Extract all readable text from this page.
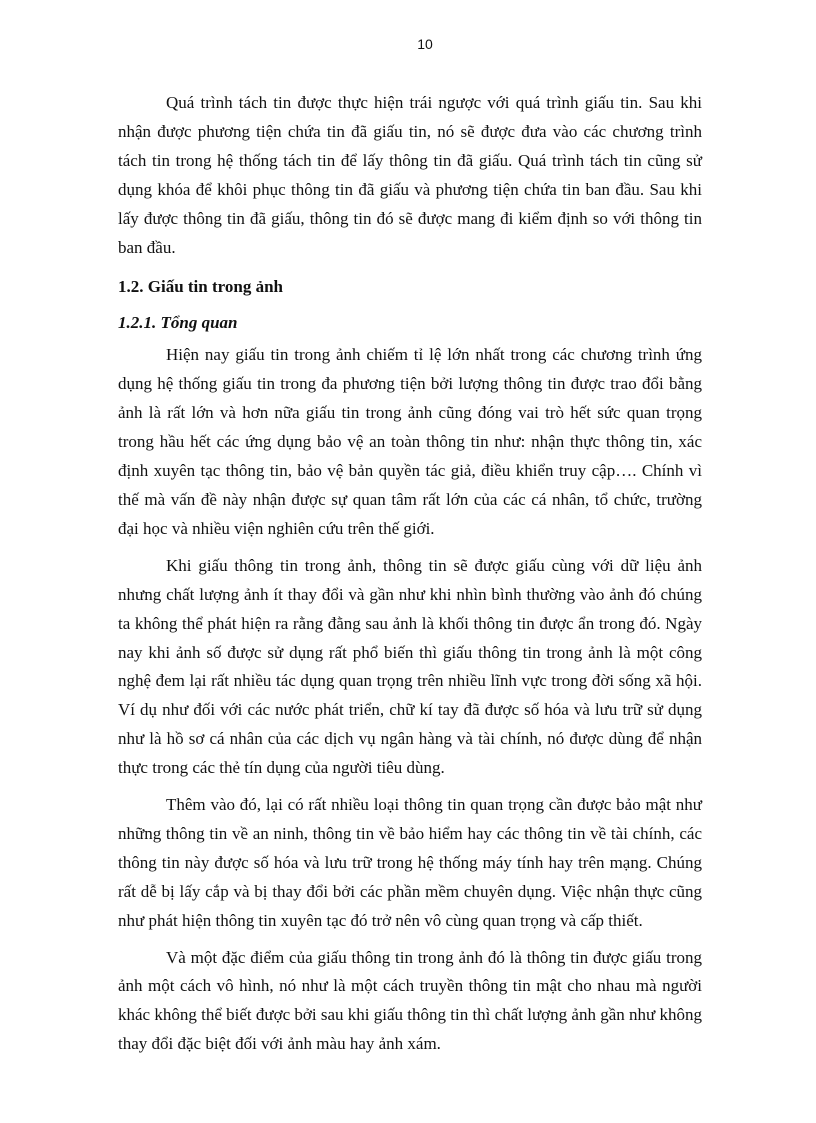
10

Quá trình tách tin được thực hiện trái ngược với quá trình giấu tin. Sau khi nhận được phương tiện chứa tin đã giấu tin, nó sẽ được đưa vào các chương trình tách tin trong hệ thống tách tin để lấy thông tin đã giấu. Quá trình tách tin cũng sử dụng khóa để khôi phục thông tin đã giấu và phương tiện chứa tin ban đầu. Sau khi lấy được thông tin đã giấu, thông tin đó sẽ được mang đi kiểm định so với thông tin ban đầu.

1.2. Giấu tin trong ảnh
1.2.1. Tổng quan

Hiện nay giấu tin trong ảnh chiếm tỉ lệ lớn nhất trong các chương trình ứng dụng hệ thống giấu tin trong đa phương tiện bởi lượng thông tin được trao đổi bằng ảnh là rất lớn và hơn nữa giấu tin trong ảnh cũng đóng vai trò hết sức quan trọng trong hầu hết các ứng dụng bảo vệ an toàn thông tin như: nhận thực thông tin, xác định xuyên tạc thông tin, bảo vệ bản quyền tác giả, điều khiển truy cập…. Chính vì thế mà vấn đề này nhận được sự quan tâm rất lớn của các cá nhân, tổ chức, trường đại học và nhiều viện nghiên cứu trên thế giới.

Khi giấu thông tin trong ảnh, thông tin sẽ được giấu cùng với dữ liệu ảnh nhưng chất lượng ảnh ít thay đổi và gần như khi nhìn bình thường vào ảnh đó chúng ta không thể phát hiện ra rằng đằng sau ảnh là khối thông tin được ẩn trong đó. Ngày nay khi ảnh số được sử dụng rất phổ biến thì giấu thông tin trong ảnh là một công nghệ đem lại rất nhiều tác dụng quan trọng trên nhiều lĩnh vực trong đời sống xã hội. Ví dụ như đối với các nước phát triển, chữ kí tay đã được số hóa và lưu trữ sử dụng như là hồ sơ cá nhân của các dịch vụ ngân hàng và tài chính, nó được dùng để nhận thực trong các thẻ tín dụng của người tiêu dùng.

Thêm vào đó, lại có rất nhiều loại thông tin quan trọng cần được bảo mật như những thông tin về an ninh, thông tin về bảo hiểm hay các thông tin về tài chính, các thông tin này được số hóa và lưu trữ trong hệ thống máy tính hay trên mạng. Chúng rất dễ bị lấy cắp và bị thay đổi bởi các phần mềm chuyên dụng. Việc nhận thực cũng như phát hiện thông tin xuyên tạc đó trở nên vô cùng quan trọng và cấp thiết.

Và một đặc điểm của giấu thông tin trong ảnh đó là thông tin được giấu trong ảnh một cách vô hình, nó như là một cách truyền thông tin mật cho nhau mà người khác không thể biết được bởi sau khi giấu thông tin thì chất lượng ảnh gần như không thay đổi đặc biệt đối với ảnh màu hay ảnh xám.
